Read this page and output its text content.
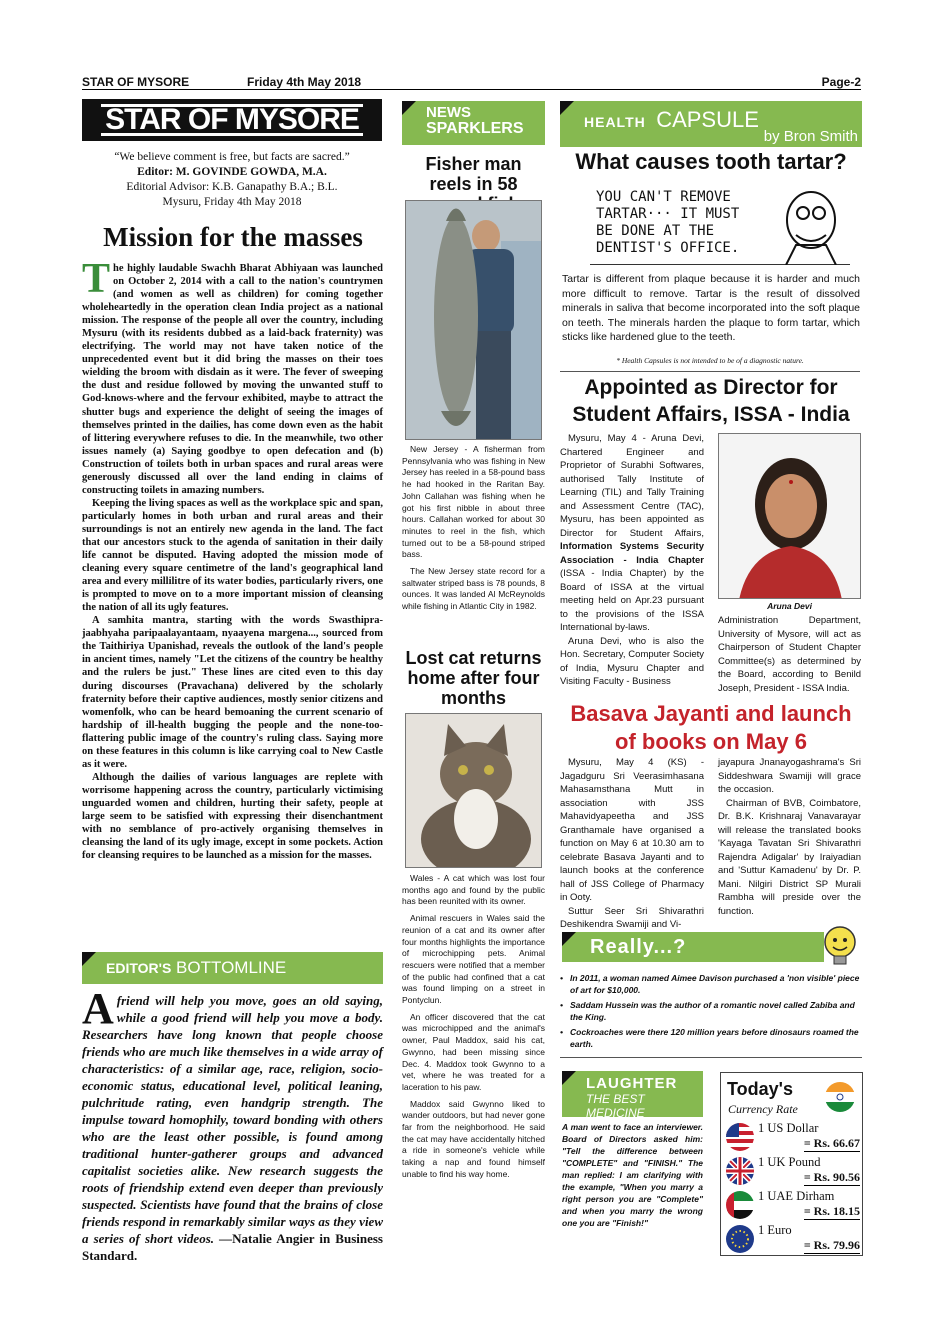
STAR OF MYSORE	Friday 4th May 2018	Page-2
STAR OF MYSORE
“We believe comment is free, but facts are sacred.”
Editor: M. GOVINDE GOWDA, M.A.
Editorial Advisor: K.B. Ganapathy B.A.; B.L.
Mysuru, Friday 4th May 2018
Mission for the masses

The highly laudable Swachh Bharat Abhiyaan was launched on October 2, 2014 with a call to the nation's countrymen (and women as well as children) for coming together wholeheartedly in the operation clean India project as a national mission. The response of the people all over the country, including Mysuru (with its residents dubbed as a laid-back fraternity) was electrifying. The world may not have taken notice of the unprecedented event but it did bring the masses on their toes wielding the broom with disdain as it were. The fever of sweeping the dust and residue followed by moving the unwanted stuff to God-knows-where and the fervour exhibited, maybe to attract the shutter bugs and experience the delight of seeing the images of themselves printed in the dailies, has come down even as the habit of littering everywhere refuses to die. In the meanwhile, two other issues namely (a) Saying goodbye to open defecation and (b) Construction of toilets both in urban spaces and rural areas were generously discussed all over the land ending in claims of constructing toilets in amazing numbers.

Keeping the living spaces as well as the workplace spic and span, particularly homes in both urban and rural areas and their surroundings is not an entirely new agenda in the land. The fact that our ancestors stuck to the agenda of sanitation in their daily life cannot be disputed. Having adopted the mission mode of cleaning every square centimetre of the land's geographical land area and every millilitre of its water bodies, particularly rivers, one is prompted to move on to a more important mission of cleansing the nation of all its ugly features.

A samhita mantra, starting with the words Swasthipra-jaabhyaha paripaalayantaam, nyaayena margena..., sourced from the Taithiriya Upanishad, reveals the outlook of the land's people in ancient times, namely "Let the citizens of the country be healthy and the rulers be just." These lines are cited even to this day during discourses (Pravachana) delivered by the scholarly fraternity before their captive audiences, mostly senior citizens and womenfolk, who can be heard bemoaning the current scenario of hardship of ill-health bugging the people and the none-too-flattering public image of the country's ruling class. Saying more on these features in this column is like carrying coal to New Castle as it were.

Although the dailies of various languages are replete with worrisome happening across the country, particularly victimising unguarded women and children, hurting their safety, people at large seem to be satisfied with expressing their disenchantment with no semblance of pro-actively organising themselves in cleansing the land of its ugly image, except in some pockets. Action for cleansing requires to be launched as a mission for the masses.

EDITOR'S BOTTOMLINE
Afriend will help you move, goes an old saying, while a good friend will help you move a body. Researchers have long known that people choose friends who are much like themselves in a wide array of characteristics: of a similar age, race, religion, socio-economic status, educational level, political leaning, pulchritude rating, even handgrip strength. The impulse toward homophily, toward bonding with others who are the least other possible, is found among traditional hunter-gatherer groups and advanced capitalist societies alike. New research suggests the roots of friendship extend even deeper than previously suspected. Scientists have found that the brains of close friends respond in remarkably similar ways as they view a series of short videos. —Natalie Angier in Business Standard.
NEWS
SPARKLERS
Fisher man reels in 58

New Jersey - A fisherman from Pennsylvania who was fishing in New Jersey has reeled in a 58-pound bass he had hooked in the Raritan Bay. John Callahan was fishing when he got his first nibble in about three hours. Callahan worked for about 30 minutes to reel in the fish, which turned out to be a 58-pound striped bass.

The New Jersey state record for a saltwater striped bass is 78 pounds, 8 ounces. It was landed Al McReynolds while fishing in Atlantic City in 1982.

Lost cat returns home after four months

Wales - A cat which was lost four months ago and found by the public has been reunited with its owner.

Animal rescuers in Wales said the reunion of a cat and its owner after four months highlights the importance of microchipping pets. Animal rescuers were notified that a member of the public had confined that a cat was found limping on a street in Pontyclun.

An officer discovered that the cat was microchipped and the animal's owner, Paul Maddox, said his cat, Gwynno, had been missing since Dec. 4. Maddox took Gwynno to a vet, where he was treated for a laceration to his paw.

Maddox said Gwynno liked to wander outdoors, but had never gone far from the neighborhood. He said the cat may have accidentally hitched a ride in someone's vehicle while taking a nap and found himself unable to find his way home.

HEALTH CAPSULE
by Bron Smith
What causes tooth tartar?
YOU CAN'T REMOVE
TARTAR··· IT MUST
BE DONE AT THE
DENTIST'S OFFICE.
Tartar is different from plaque because it is harder and much more difficult to remove. Tartar is the result of dissolved minerals in saliva that become incorporated into the soft plaque on teeth. The minerals harden the plaque to form tartar, which sticks like hardened glue to the teeth.
* Health Capsules is not intended to be of a diagnostic nature.
Appointed as Director for Student Affairs, ISSA - India
Mysuru, May 4 - Aruna Devi, Chartered Engineer and Proprietor of Surabhi Softwares, authorised Tally Institute of Learning (TIL) and Tally Training and Assessment Centre (TAC), Mysuru, has been appointed as Director for Student Affairs, Information Systems Security Association - India Chapter (ISSA - India Chapter) by the Board of ISSA at the virtual meeting held on Apr.23 pursuant to the provisions of the ISSA International by-laws.
Aruna Devi, who is also the Hon. Secretary, Computer Society of India, Mysuru Chapter and Visiting Faculty - Business
Aruna Devi
Administration Department, University of Mysore, will act as Chairperson of Student Chapter Committee(s) as determined by the Board, according to Benild Joseph, President - ISSA India.
Basava Jayanti and launch of books on May 6
Mysuru, May 4 (KS) - Jagadguru Sri Veerasimhasana Mahasamsthana Mutt in association with JSS Mahavidyapeetha and JSS Granthamale have organised a function on May 6 at 10.30 am to celebrate Basava Jayanti and to launch books at the conference hall of JSS College of Pharmacy in Ooty.
Suttur Seer Sri Shivarathri Deshikendra Swamiji and Vi-
jayapura Jnanayogashrama's Sri Siddeshwara Swamiji will grace the occasion.
Chairman of BVB, Coimbatore, Dr. B.K. Krishnaraj Vanavarayar will release the translated books 'Kayaga Tavatan Sri Shivarathri Rajendra Adigalar' by Iraiyadian and 'Suttur Kamadenu' by Dr. P. Mani. Nilgiri District SP Murali Rambha will preside over the function.
Really...?
• In 2011, a woman named Aimee Davison purchased a 'non visible' piece of art for $10,000.
• Saddam Hussein was the author of a romantic novel called Zabiba and the King.
• Cockroaches were there 120 million years before dinosaurs roamed the earth.
LAUGHTER
THE BEST MEDICINE
A man went to face an interviewer. Board of Directors asked him: "Tell the difference between "COMPLETE" and "FINISH." The man replied: I am clarifying with the example, "When you marry a right person you are "Complete" and when you marry the wrong one you are "Finish!"
Today's
Currency Rate
1 US Dollar
= Rs. 66.67
1 UK Pound
= Rs. 90.56
1 UAE Dirham
= Rs. 18.15
1 Euro
= Rs. 79.96
